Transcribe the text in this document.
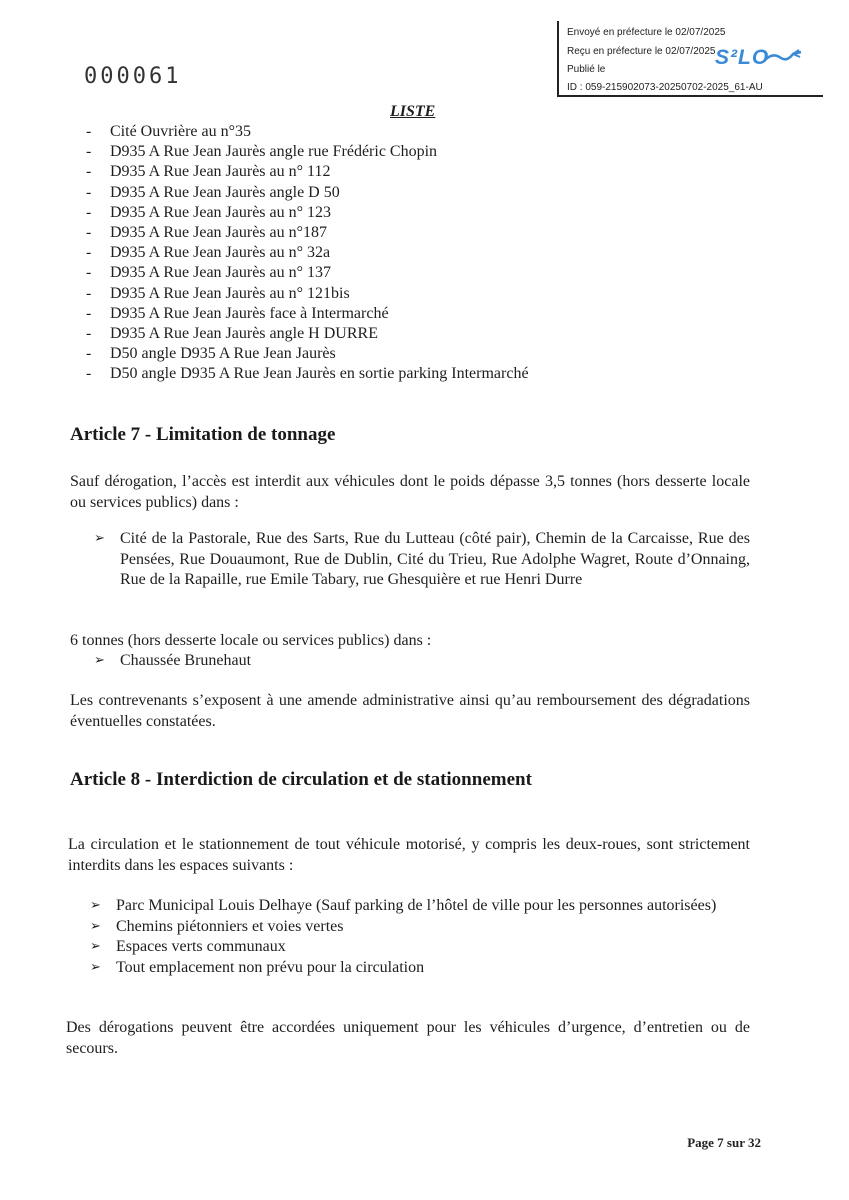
Envoyé en préfecture le 02/07/2025
Reçu en préfecture le 02/07/2025
Publié le
ID : 059-215902073-20250702-2025_61-AU
S²LO
000061
LISTE
- Cité Ouvrière au n°35
- D935 A Rue Jean Jaurès angle rue Frédéric Chopin
- D935 A Rue Jean Jaurès au n° 112
- D935 A Rue Jean Jaurès angle D 50
- D935 A Rue Jean Jaurès au n° 123
- D935 A Rue Jean Jaurès au n°187
- D935 A Rue Jean Jaurès au n° 32a
- D935 A Rue Jean Jaurès au n° 137
- D935 A Rue Jean Jaurès au n° 121bis
- D935 A Rue Jean Jaurès face à Intermarché
- D935 A Rue Jean Jaurès angle H DURRE
- D50 angle D935 A Rue Jean Jaurès
- D50 angle D935 A Rue Jean Jaurès en sortie parking Intermarché
Article 7 - Limitation de tonnage

Sauf dérogation, l’accès est interdit aux véhicules dont le poids dépasse 3,5 tonnes (hors desserte locale ou services publics) dans :

➢ Cité de la Pastorale, Rue des Sarts, Rue du Lutteau (côté pair), Chemin de la Carcaisse, Rue des Pensées, Rue Douaumont, Rue de Dublin, Cité du Trieu, Rue Adolphe Wagret, Route d’Onnaing, Rue de la Rapaille, rue Emile Tabary, rue Ghesquière et rue Henri Durre

6 tonnes (hors desserte locale ou services publics) dans :

➢ Chaussée Brunehaut

Les contrevenants s’exposent à une amende administrative ainsi qu’au remboursement des dégradations éventuelles constatées.

Article 8 - Interdiction de circulation et de stationnement

La circulation et le stationnement de tout véhicule motorisé, y compris les deux-roues, sont strictement interdits dans les espaces suivants :

➢ Parc Municipal Louis Delhaye (Sauf parking de l’hôtel de ville pour les personnes autorisées)
➢ Chemins piétonniers et voies vertes
➢ Espaces verts communaux
➢ Tout emplacement non prévu pour la circulation

Des dérogations peuvent être accordées uniquement pour les véhicules d’urgence, d’entretien ou de secours.

Page 7 sur 32
